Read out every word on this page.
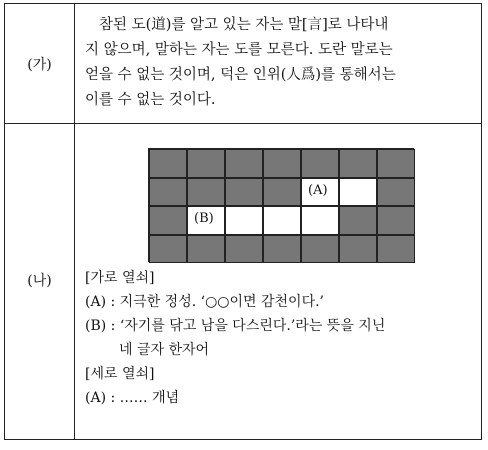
(가)

참된 도(道)를 알고 있는 자는 말[言]로 나타내

지 않으며, 말하는 자는 도를 모른다. 도란 말로는

얻을 수 없는 것이며, 덕은 인위(人爲)를 통해서는

이를 수 없는 것이다.

(나)
(A)
(B)
[가로 열쇠]
(A) : 지극한 정성. ‘○○이면 감천이다.’
(B) : ‘자기를 닦고 남을 다스린다.’라는 뜻을 지닌
네 글자 한자어
[세로 열쇠]
(A) : …… 개념
